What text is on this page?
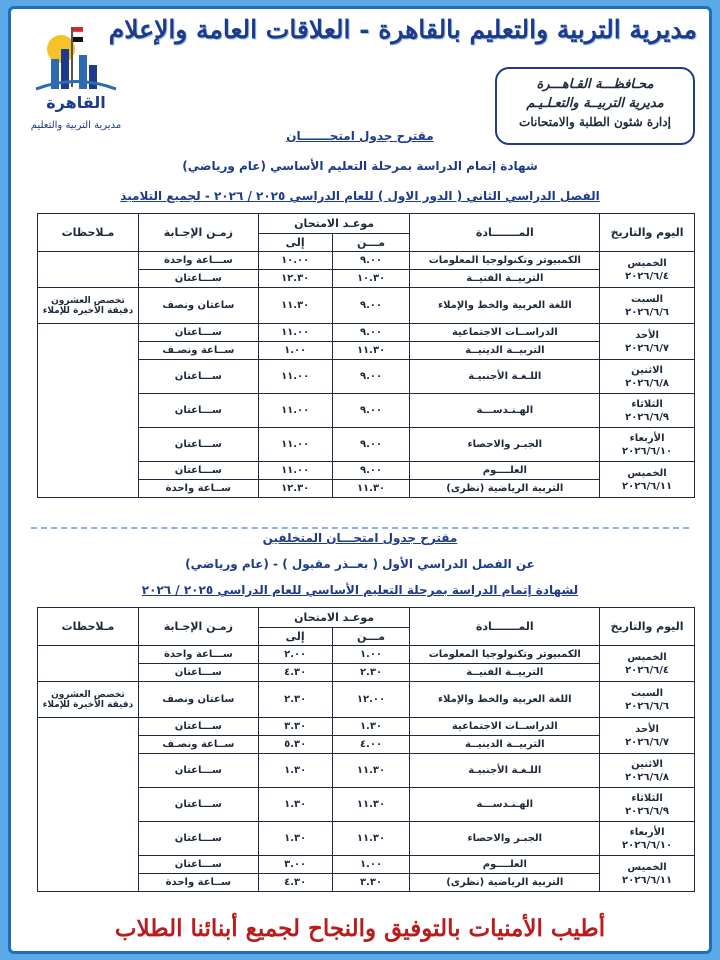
القاهرة
مديرية التربية والتعليم
مديرية التربية والتعليم بالقاهرة - العلاقات العامة والإعلام
محـافظـــة القـاهـــرة
مديرية التربيــة والتعـلـيـم
إدارة شئون الطلبة والامتحانات
مقترح جدول امتحـــــــان
شهادة إتمام الدراسة بمرحلة التعليم الأساسي (عام ورياضي)
الفصل الدراسي الثاني ( الدور الاول ) للعام الدراسي ٢٠٢٥ / ٢٠٢٦ - لجميع التلاميذ
اليوم والتاريخ	المـــــــادة	موعـد الامتحان		زمـن الإجـابة	مـلاحظات
		مـــن	إلى		

الخميس
٢٠٢٦/٦/٤	الكمبيوتر وتكنولوجيا المعلومات	٩.٠٠	١٠.٠٠	ســـاعة واحدة	
	التربيــة الفنيــة	١٠.٣٠	١٢.٣٠	ســـاعتان	

السبت
٢٠٢٦/٦/٦	اللغة العربية والخط والإملاء	٩.٠٠	١١.٣٠	ساعتان ونصف	تخصص العشرون دقيقة الأخيرة للإملاء

الأحد
٢٠٢٦/٦/٧	الدراســات الاجتماعية	٩.٠٠	١١.٠٠	ســـاعتان	
	التربيــة الدينيــة	١١.٣٠	١.٠٠	ســاعة ونصـف	

الاثنين
٢٠٢٦/٦/٨	اللـغـة الأجنبيـة	٩.٠٠	١١.٠٠	ســـاعتان	

الثلاثاء
٢٠٢٦/٦/٩	الهـنـدســـة	٩.٠٠	١١.٠٠	ســـاعتان	

الأربعاء
٢٠٢٦/٦/١٠	الجبـر والاحصاء	٩.٠٠	١١.٠٠	ســـاعتان	

الخميس
٢٠٢٦/٦/١١	العلــــوم	٩.٠٠	١١.٠٠	ســـاعتان	
	التربية الرياضية (نظرى)	١١.٣٠	١٢.٣٠	ســاعة واحدة	
مقترح جدول امتحـــان المتخلفين
عن الفصل الدراسي الأول ( بعــذر مقبول ) - (عام ورياضي)
لشهادة إتمام الدراسة بمرحلة التعليم الأساسي للعام الدراسي ٢٠٢٥ / ٢٠٢٦
اليوم والتاريخ	المـــــــادة	موعـد الامتحان		زمـن الإجـابة	مـلاحظات
		مـــن	إلى		

الخميس
٢٠٢٦/٦/٤	الكمبيوتر وتكنولوجيا المعلومات	١.٠٠	٢.٠٠	ســـاعة واحدة	
	التربيــة الفنيــة	٢.٣٠	٤.٣٠	ســـاعتان	

السبت
٢٠٢٦/٦/٦	اللغة العربية والخط والإملاء	١٢.٠٠	٢.٣٠	ساعتان ونصف	تخصص العشرون دقيقة الأخيرة للإملاء

الأحد
٢٠٢٦/٦/٧	الدراســات الاجتماعية	١.٣٠	٣.٣٠	ســـاعتان	
	التربيــة الدينيــة	٤.٠٠	٥.٣٠	ســاعة ونصـف	

الاثنين
٢٠٢٦/٦/٨	اللـغـة الأجنبيـة	١١.٣٠	١.٣٠	ســـاعتان	

الثلاثاء
٢٠٢٦/٦/٩	الهـنـدســـة	١١.٣٠	١.٣٠	ســـاعتان	

الأربعاء
٢٠٢٦/٦/١٠	الجبـر والاحصاء	١١.٣٠	١.٣٠	ســـاعتان	

الخميس
٢٠٢٦/٦/١١	العلــــوم	١.٠٠	٣.٠٠	ســـاعتان	
	التربية الرياضية (نظرى)	٣.٣٠	٤.٣٠	ســاعة واحدة	
أطيب الأمنيات بالتوفيق والنجاح لجميع أبنائنا الطلاب
